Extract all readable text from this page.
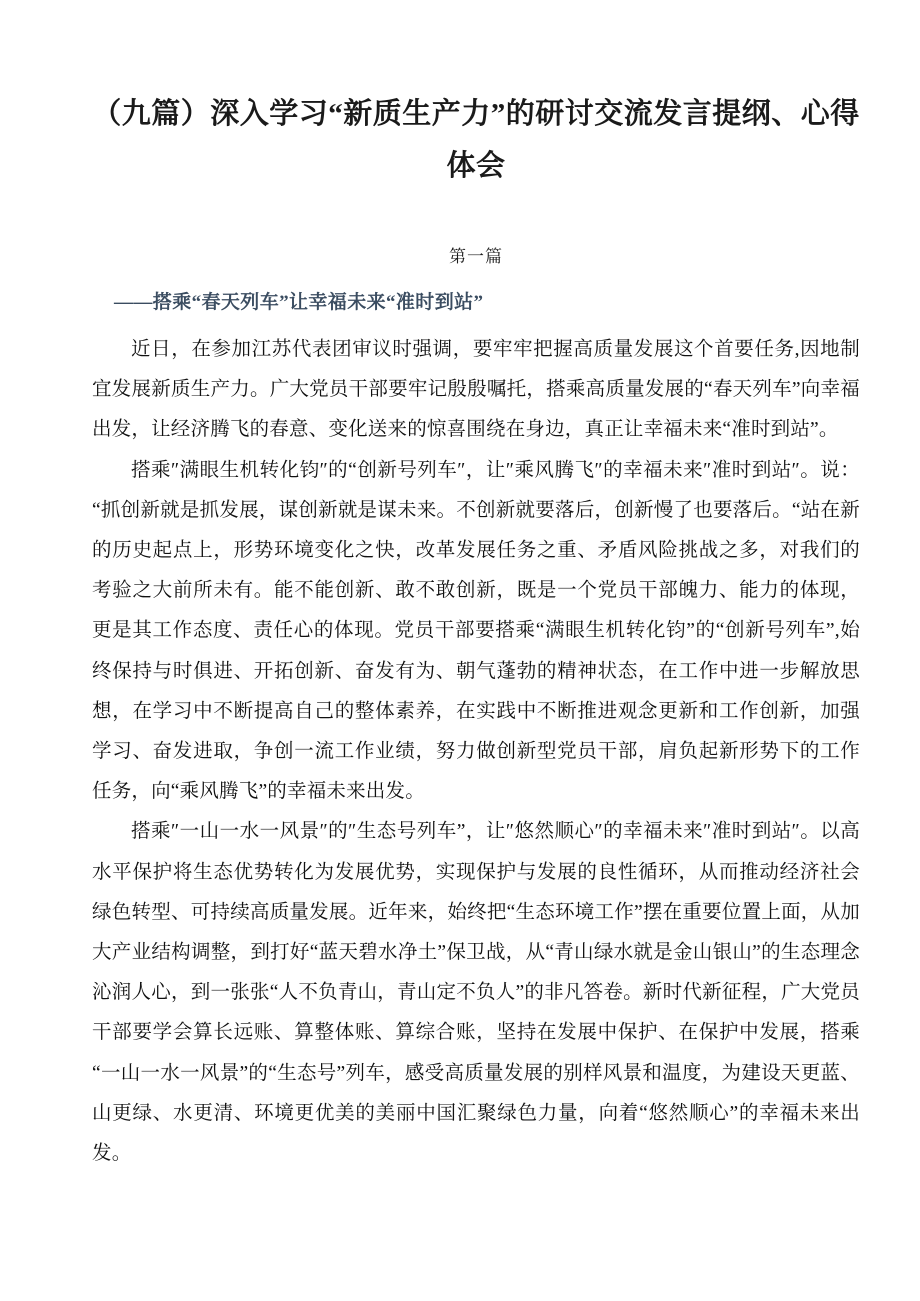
（九篇）深入学习“新质生产力”的研讨交流发言提纲、心得体会
第一篇
——搭乘“春天列车”让幸福未来“准时到站”

近日，在参加江苏代表团审议时强调，要牢牢把握高质量发展这个首要任务,因地制宜发展新质生产力。广大党员干部要牢记殷殷嘱托，搭乘高质量发展的“春天列车”向幸福出发，让经济腾飞的春意、变化送来的惊喜围绕在身边，真正让幸福未来“准时到站”。

搭乘″满眼生机转化钧″的“创新号列车″，让″乘风腾飞″的幸福未来″准时到站″。说：“抓创新就是抓发展，谋创新就是谋未来。不创新就要落后，创新慢了也要落后。“站在新的历史起点上，形势环境变化之快，改革发展任务之重、矛盾风险挑战之多，对我们的考验之大前所未有。能不能创新、敢不敢创新，既是一个党员干部魄力、能力的体现，更是其工作态度、责任心的体现。党员干部要搭乘“满眼生机转化钧”的“创新号列车”,始终保持与时俱进、开拓创新、奋发有为、朝气蓬勃的精神状态，在工作中进一步解放思想，在学习中不断提高自己的整体素养，在实践中不断推进观念更新和工作创新，加强学习、奋发进取，争创一流工作业绩，努力做创新型党员干部，肩负起新形势下的工作任务，向“乘风腾飞”的幸福未来出发。

搭乘″一山一水一风景″的″生态号列车”，让″悠然顺心″的幸福未来″准时到站″。以高水平保护将生态优势转化为发展优势，实现保护与发展的良性循环，从而推动经济社会绿色转型、可持续高质量发展。近年来，始终把“生态环境工作”摆在重要位置上面，从加大产业结构调整，到打好“蓝天碧水净土”保卫战，从“青山绿水就是金山银山”的生态理念沁润人心，到一张张“人不负青山，青山定不负人”的非凡答卷。新时代新征程，广大党员干部要学会算长远账、算整体账、算综合账，坚持在发展中保护、在保护中发展，搭乘“一山一水一风景”的“生态号”列车，感受高质量发展的别样风景和温度，为建设天更蓝、山更绿、水更清、环境更优美的美丽中国汇聚绿色力量，向着“悠然顺心”的幸福未来出发。
